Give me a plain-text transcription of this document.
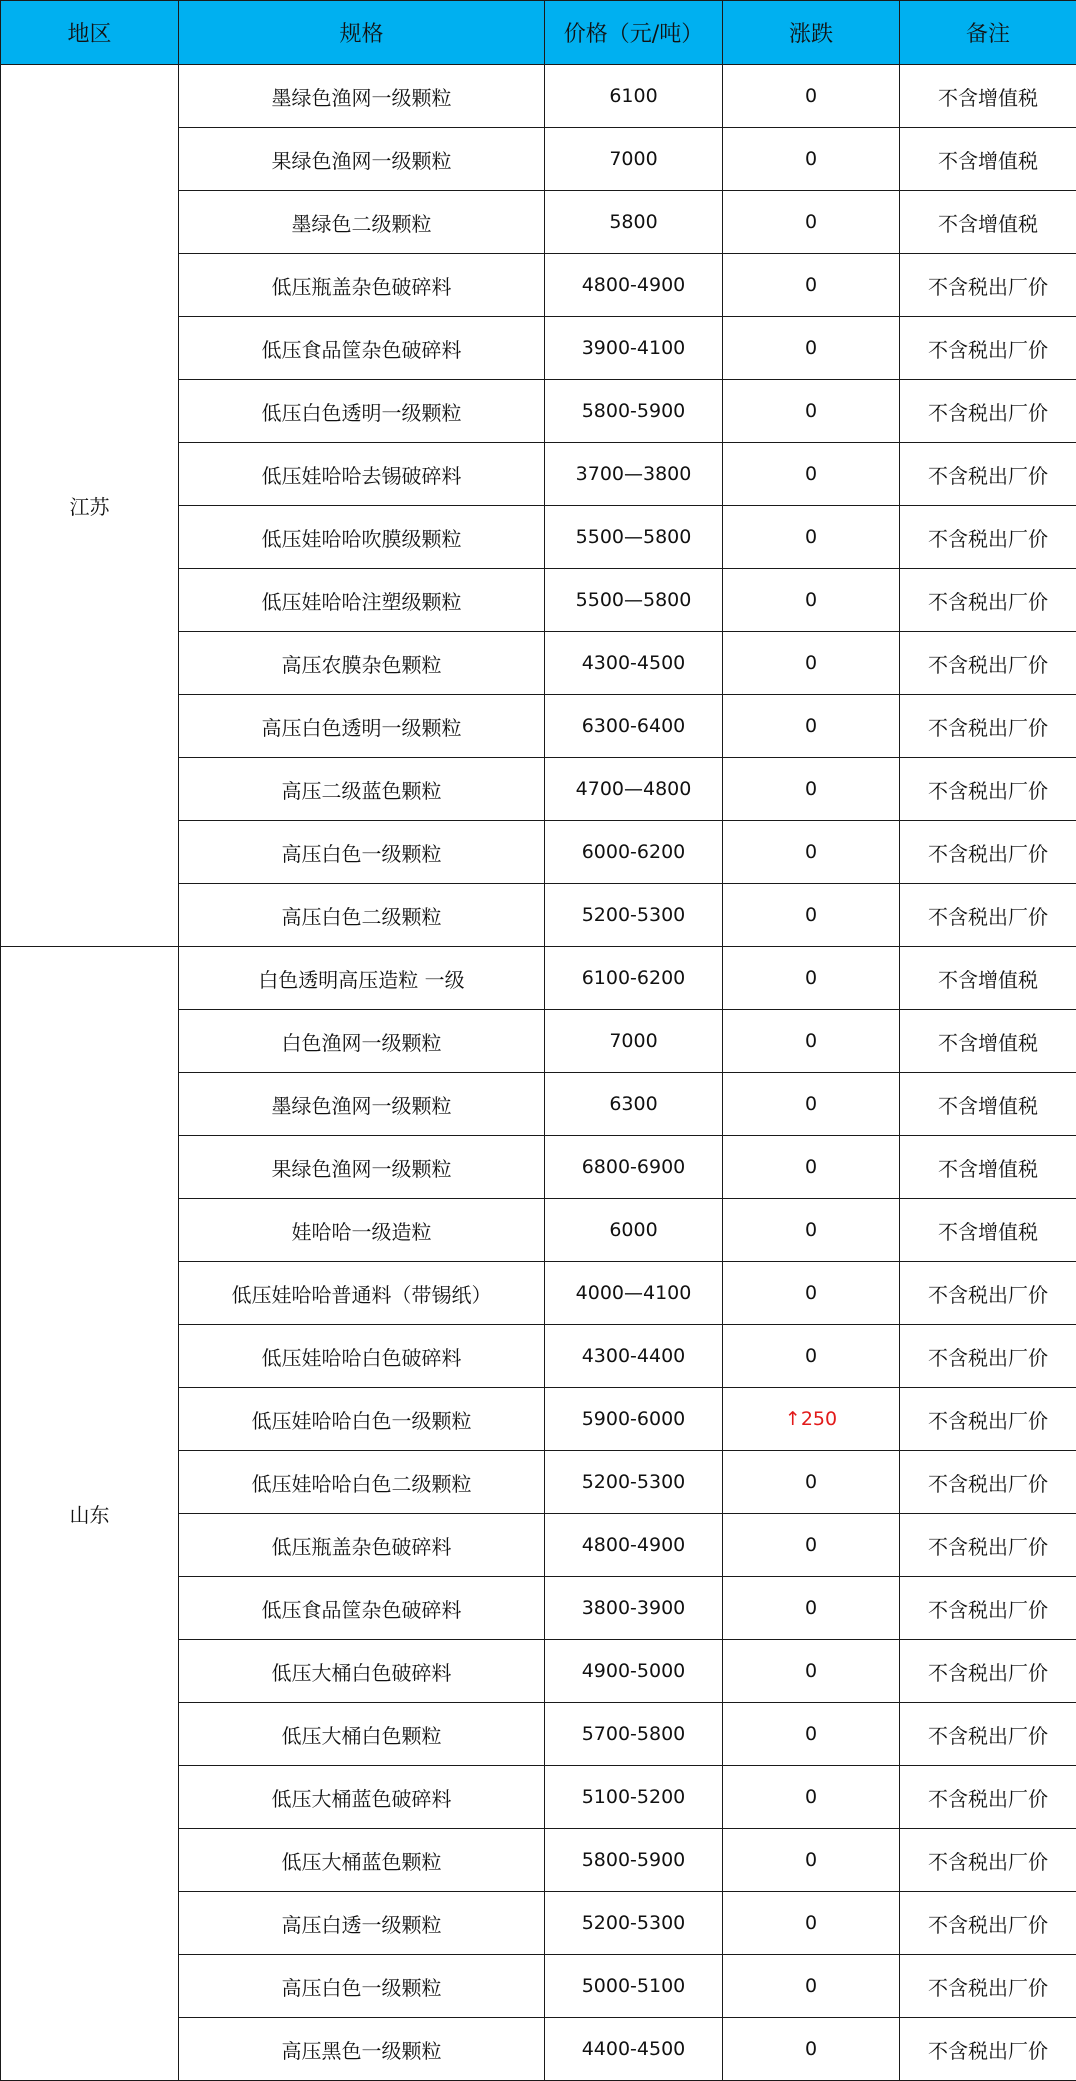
地区	规格	价格（元/吨）	涨跌	备注
江苏	墨绿色渔网一级颗粒	6100	0	不含增值税
	果绿色渔网一级颗粒	7000	0	不含增值税
	墨绿色二级颗粒	5800	0	不含增值税
	低压瓶盖杂色破碎料	4800-4900	0	不含税出厂价
	低压食品筐杂色破碎料	3900-4100	0	不含税出厂价
	低压白色透明一级颗粒	5800-5900	0	不含税出厂价
	低压娃哈哈去锡破碎料	3700—3800	0	不含税出厂价
	低压娃哈哈吹膜级颗粒	5500—5800	0	不含税出厂价
	低压娃哈哈注塑级颗粒	5500—5800	0	不含税出厂价
	高压农膜杂色颗粒	4300-4500	0	不含税出厂价
	高压白色透明一级颗粒	6300-6400	0	不含税出厂价
	高压二级蓝色颗粒	4700—4800	0	不含税出厂价
	高压白色一级颗粒	6000-6200	0	不含税出厂价
	高压白色二级颗粒	5200-5300	0	不含税出厂价
山东	白色透明高压造粒 一级	6100-6200	0	不含增值税
	白色渔网一级颗粒	7000	0	不含增值税
	墨绿色渔网一级颗粒	6300	0	不含增值税
	果绿色渔网一级颗粒	6800-6900	0	不含增值税
	娃哈哈一级造粒	6000	0	不含增值税
	低压娃哈哈普通料（带锡纸）	4000—4100	0	不含税出厂价
	低压娃哈哈白色破碎料	4300-4400	0	不含税出厂价
	低压娃哈哈白色一级颗粒	5900-6000	↑250	不含税出厂价
	低压娃哈哈白色二级颗粒	5200-5300	0	不含税出厂价
	低压瓶盖杂色破碎料	4800-4900	0	不含税出厂价
	低压食品筐杂色破碎料	3800-3900	0	不含税出厂价
	低压大桶白色破碎料	4900-5000	0	不含税出厂价
	低压大桶白色颗粒	5700-5800	0	不含税出厂价
	低压大桶蓝色破碎料	5100-5200	0	不含税出厂价
	低压大桶蓝色颗粒	5800-5900	0	不含税出厂价
	高压白透一级颗粒	5200-5300	0	不含税出厂价
	高压白色一级颗粒	5000-5100	0	不含税出厂价
	高压黑色一级颗粒	4400-4500	0	不含税出厂价
